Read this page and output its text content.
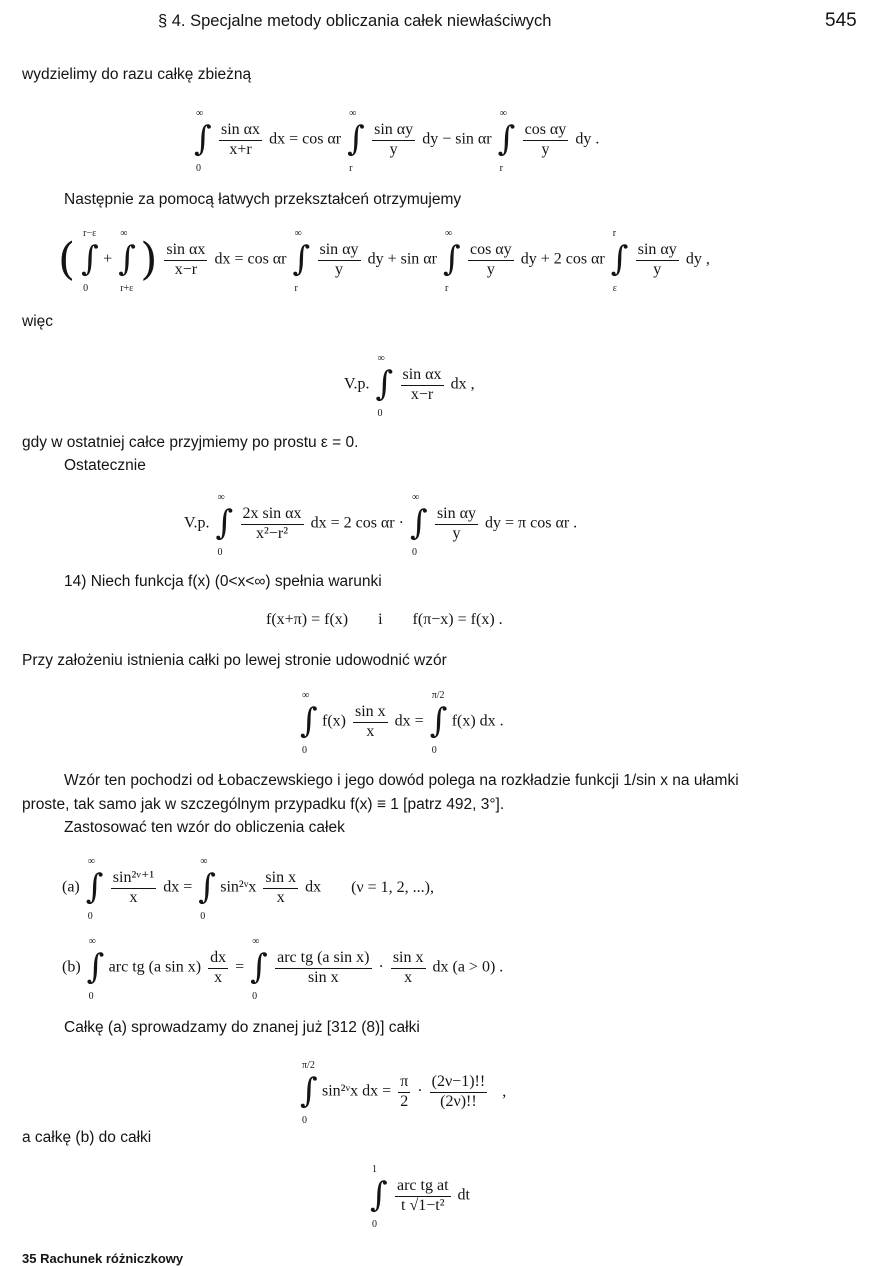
§ 4. Specjalne metody obliczania całek niewłaściwych	545
wydzielimy do razu całkę zbieżną
∞
∫
0

$\frac{\text{sin αx}}{x+r}$ dx = cos αr
∞
∫
r

$\frac{\text{sin αy}}{y}$ dy − sin αr
∞
∫
r

$\frac{\text{cos αy}}{y}$ dy .
Następnie za pomocą łatwych przekształceń otrzymujemy
(
r−ε
∫
0
+
∞
∫
r+ε
) $\frac{\text{sin αx}}{x-r}$ dx = cos αr
∞
∫
r

$\frac{\text{sin αy}}{y}$ dy + sin αr
∞
∫
r

$\frac{\text{cos αy}}{y}$ dy + 2 cos αr
r
∫
ε

$\frac{\text{sin αy}}{y}$ dy ,
więc
V.p.
∞
∫
0

$\frac{\text{sin αx}}{x-r}$ dx ,
gdy w ostatniej całce przyjmiemy po prostu ε = 0.
Ostatecznie
V.p.
∞
∫
0

$\frac{\text{2x sin αx}}{\text{x²−r²}}$ dx = 2 cos αr ·
∞
∫
0

$\frac{\text{sin αy}}{y}$ dy = π cos αr .
14) Niech funkcja f(x) (0<x<∞) spełnia warunki
f(x+π) = f(x) i f(π−x) = f(x) .
Przy założeniu istnienia całki po lewej stronie udowodnić wzór
∞
∫
0
$f(x) \frac{\text{sin x}}{x}$ dx =
π/2
∫
0
f(x) dx .
Wzór ten pochodzi od Łobaczewskiego i jego dowód polega na rozkładzie funkcji 1/sin x na ułamki
proste, tak samo jak w szczególnym przypadku f(x) ≡ 1 [patrz 492, 3°].
Zastosować ten wzór do obliczenia całek
(a)
∞
∫
0

$\frac{\text{sin²ᵛ⁺¹}}{x}$ dx =
∞
∫
0
sin²ᵛx $\frac{\text{sin x}}{x}$ dx (ν = 1, 2, ...),
(b)
∞
∫
0
arc tg (a $\sin x) \frac{dx}{x}$ =
∞
∫
0

$\frac{\text{arc tg (a sin x)}}{\text{sin x}} \cdot \frac{\text{sin x}}{x}$ dx (a > 0) .
Całkę (a) sprowadzamy do znanej już [312 (8)] całki
π/2
∫
0
sin²ᵛx dx = $\frac{\pi}{2} \cdot \frac{(2\nu-1)!!}{(2\nu)!!}$ ,
a całkę (b) do całki
1
∫
0

$\frac{\text{arc tg at}}{\text{t √1−t²}}$ dt
35 Rachunek różniczkowy
